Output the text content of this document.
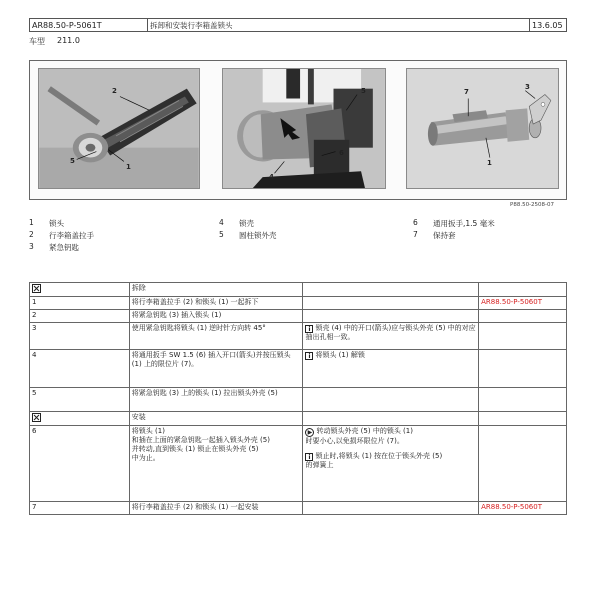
AR88.50-P-5061T	拆卸和安装行李箱盖锁头	13.6.05
车型 211.0
2
5
1
5
4
6
7
3
1
P88.50-2508-07
1	锁头
2	行李箱盖拉手
3	紧急钥匙
4	锁壳
5	圆柱锁外壳
6	通用扳手,1.5 毫米
7	保持套
	拆除		
1	将行李箱盖拉手 (2) 和锁头 (1) 一起拆下		AR88.50-P-5060T
2	将紧急钥匙 (3) 插入锁头 (1)		
3	使用紧急钥匙将锁头 (1) 逆时针方向转 45°	i 锁壳 (4) 中的开口(箭头)应与锁头外壳 (5) 中的对应抽出孔相一致。	
4	将通用扳手 SW 1.5 (6) 插入开口(箭头)并按压锁头 (1) 上的限位片 (7)。	i 将锁头 (1) 解锁	
5	将紧急钥匙 (3) 上的锁头 (1) 拉出锁头外壳 (5)		
	安装		
6	将锁头 (1)
和插在上面的紧急钥匙一起插入锁头外壳 (5)
并转动,直到锁头 (1) 锁止在锁头外壳 (5)
中为止。	▶ 转动锁头外壳 (5) 中的锁头 (1)
时要小心,以免损坏限位片 (7)。
i 锁止时,将锁头 (1) 按在位于锁头外壳 (5)
的弹簧上	

7	将行李箱盖拉手 (2) 和锁头 (1) 一起安装		AR88.50-P-5060T
